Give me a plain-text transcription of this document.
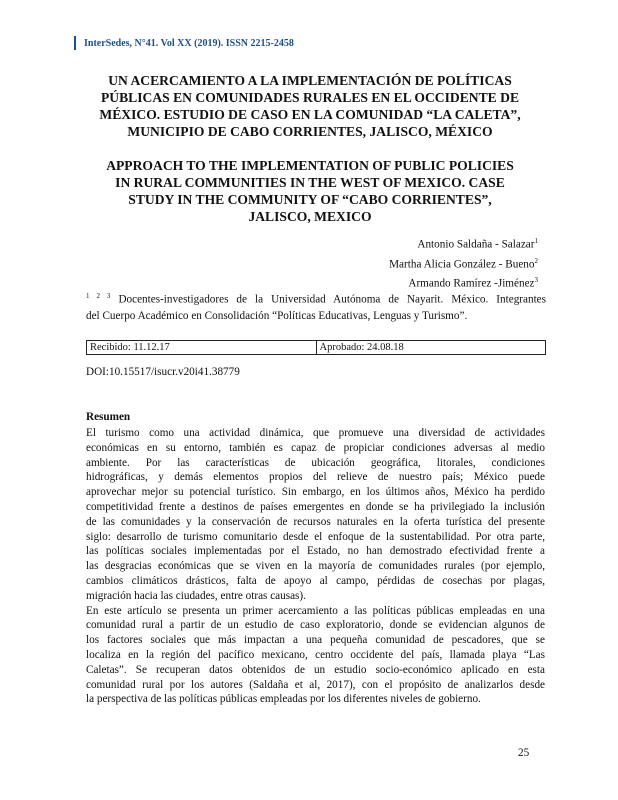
InterSedes, N°41. Vol XX (2019). ISSN 2215-2458
UN ACERCAMIENTO A LA IMPLEMENTACIÓN DE POLÍTICAS
PÚBLICAS EN COMUNIDADES RURALES EN EL OCCIDENTE DE
MÉXICO. ESTUDIO DE CASO EN LA COMUNIDAD “LA CALETA”,
MUNICIPIO DE CABO CORRIENTES, JALISCO, MÉXICO
APPROACH TO THE IMPLEMENTATION OF PUBLIC POLICIES
IN RURAL COMMUNITIES IN THE WEST OF MEXICO. CASE
STUDY IN THE COMMUNITY OF “CABO CORRIENTES”,
JALISCO, MEXICO
Antonio Saldaña - Salazar$^1$
Martha Alicia González - Bueno$^2$
Armando Ramírez -Jiménez$^3$
$^{1 2 3}$ Docentes-investigadores de la Universidad Autónoma de Nayarit. México. Integrantes
del Cuerpo Académico en Consolidación “Políticas Educativas, Lenguas y Turismo”.
Recibido: 11.12.17	Aprobado: 24.08.18
DOI:10.15517/isucr.v20i41.38779
Resumen
El turismo como una actividad dinámica, que promueve una diversidad de actividades
económicas en su entorno, también es capaz de propiciar condiciones adversas al medio
ambiente. Por las características de ubicación geográfica, litorales, condiciones
hidrográficas, y demás elementos propios del relieve de nuestro país; México puede
aprovechar mejor su potencial turístico. Sin embargo, en los últimos años, México ha perdido
competitividad frente a destinos de países emergentes en donde se ha privilegiado la inclusión
de las comunidades y la conservación de recursos naturales en la oferta turística del presente
siglo: desarrollo de turismo comunitario desde el enfoque de la sustentabilidad. Por otra parte,
las políticas sociales implementadas por el Estado, no han demostrado efectividad frente a
las desgracias económicas que se viven en la mayoría de comunidades rurales (por ejemplo,
cambios climáticos drásticos, falta de apoyo al campo, pérdidas de cosechas por plagas,
migración hacia las ciudades, entre otras causas).
En este artículo se presenta un primer acercamiento a las políticas públicas empleadas en una
comunidad rural a partir de un estudio de caso exploratorio, donde se evidencian algunos de
los factores sociales que más impactan a una pequeña comunidad de pescadores, que se
localiza en la región del pacífico mexicano, centro occidente del país, llamada playa “Las
Caletas”. Se recuperan datos obtenidos de un estudio socio-económico aplicado en esta
comunidad rural por los autores (Saldaña et al, 2017), con el propósito de analizarlos desde
la perspectiva de las políticas públicas empleadas por los diferentes niveles de gobierno.
25
